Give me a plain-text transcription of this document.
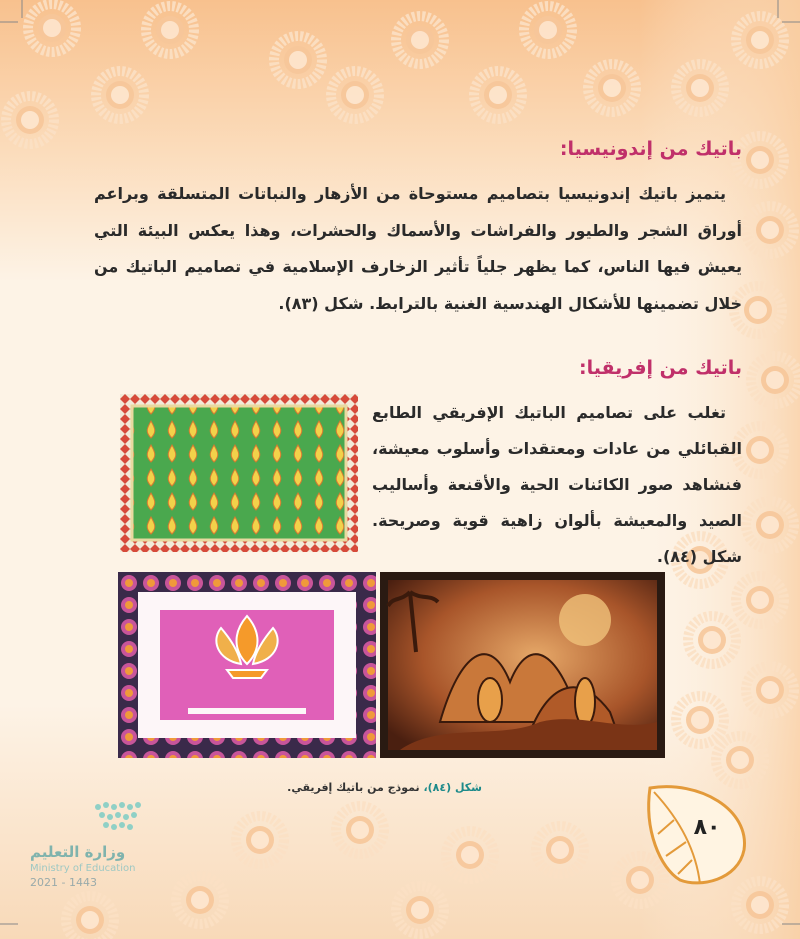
باتيك من إندونيسيا:

يتميز باتيك إندونيسيا بتصاميم مستوحاة من الأزهار والنباتات المتسلقة وبراعم أوراق الشجر والطيور والفراشات والأسماك والحشرات، وهذا يعكس البيئة التي يعيش فيها الناس، كما يظهر جلياً تأثير الزخارف الإسلامية في تصاميم الباتيك من خلال تضمينها للأشكال الهندسية الغنية بالترابط. شكل (٨٣).

باتيك من إفريقيا:

تغلب على تصاميم الباتيك الإفريقي الطابع القبائلي من عادات ومعتقدات وأسلوب معيشة، فنشاهد صور الكائنات الحية والأقنعة وأساليب الصيد والمعيشة بألوان زاهية قوية وصريحة. شكل (٨٤).

شكل (٨٤)، نموذج من باتيك إفريقي.

وزارة التعليم

Ministry of Education

2021 - 1443

٨٠
